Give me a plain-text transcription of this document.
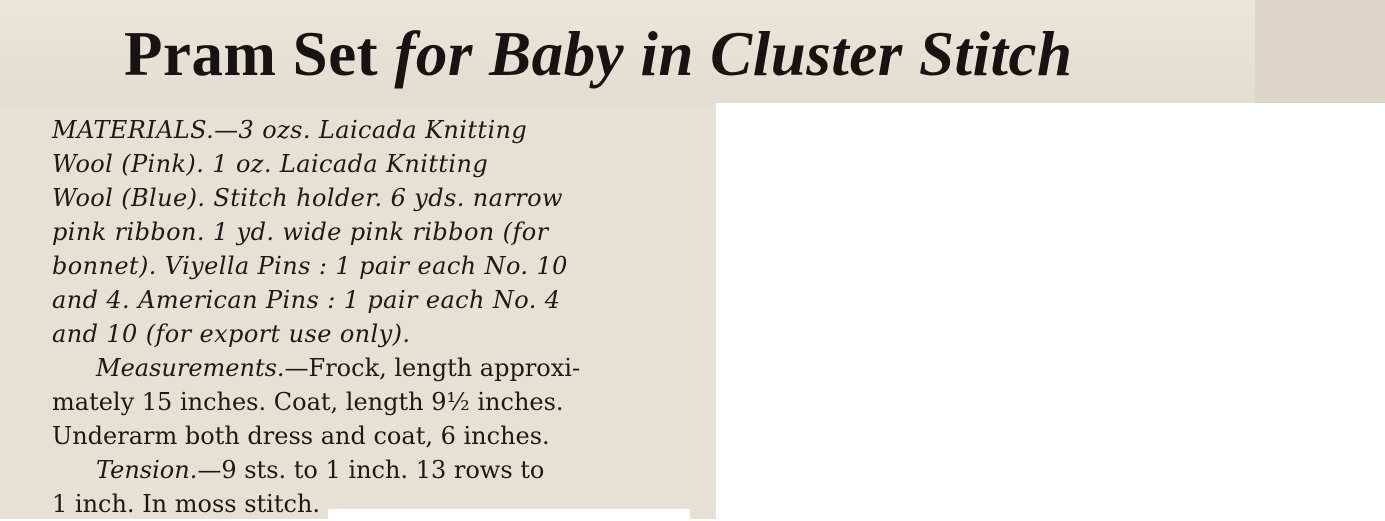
Pram Set for Baby in Cluster Stitch
MATERIALS.—3 ozs. Laicada Knitting
Wool (Pink). 1 oz. Laicada Knitting
Wool (Blue). Stitch holder. 6 yds. narrow
pink ribbon. 1 yd. wide pink ribbon (for
bonnet). Viyella Pins : 1 pair each No. 10
and 4. American Pins : 1 pair each No. 4
and 10 (for export use only).
Measurements.—Frock, length approxi-
mately 15 inches. Coat, length 9½ inches.
Underarm both dress and coat, 6 inches.
Tension.—9 sts. to 1 inch. 13 rows to
1 inch. In moss stitch.
